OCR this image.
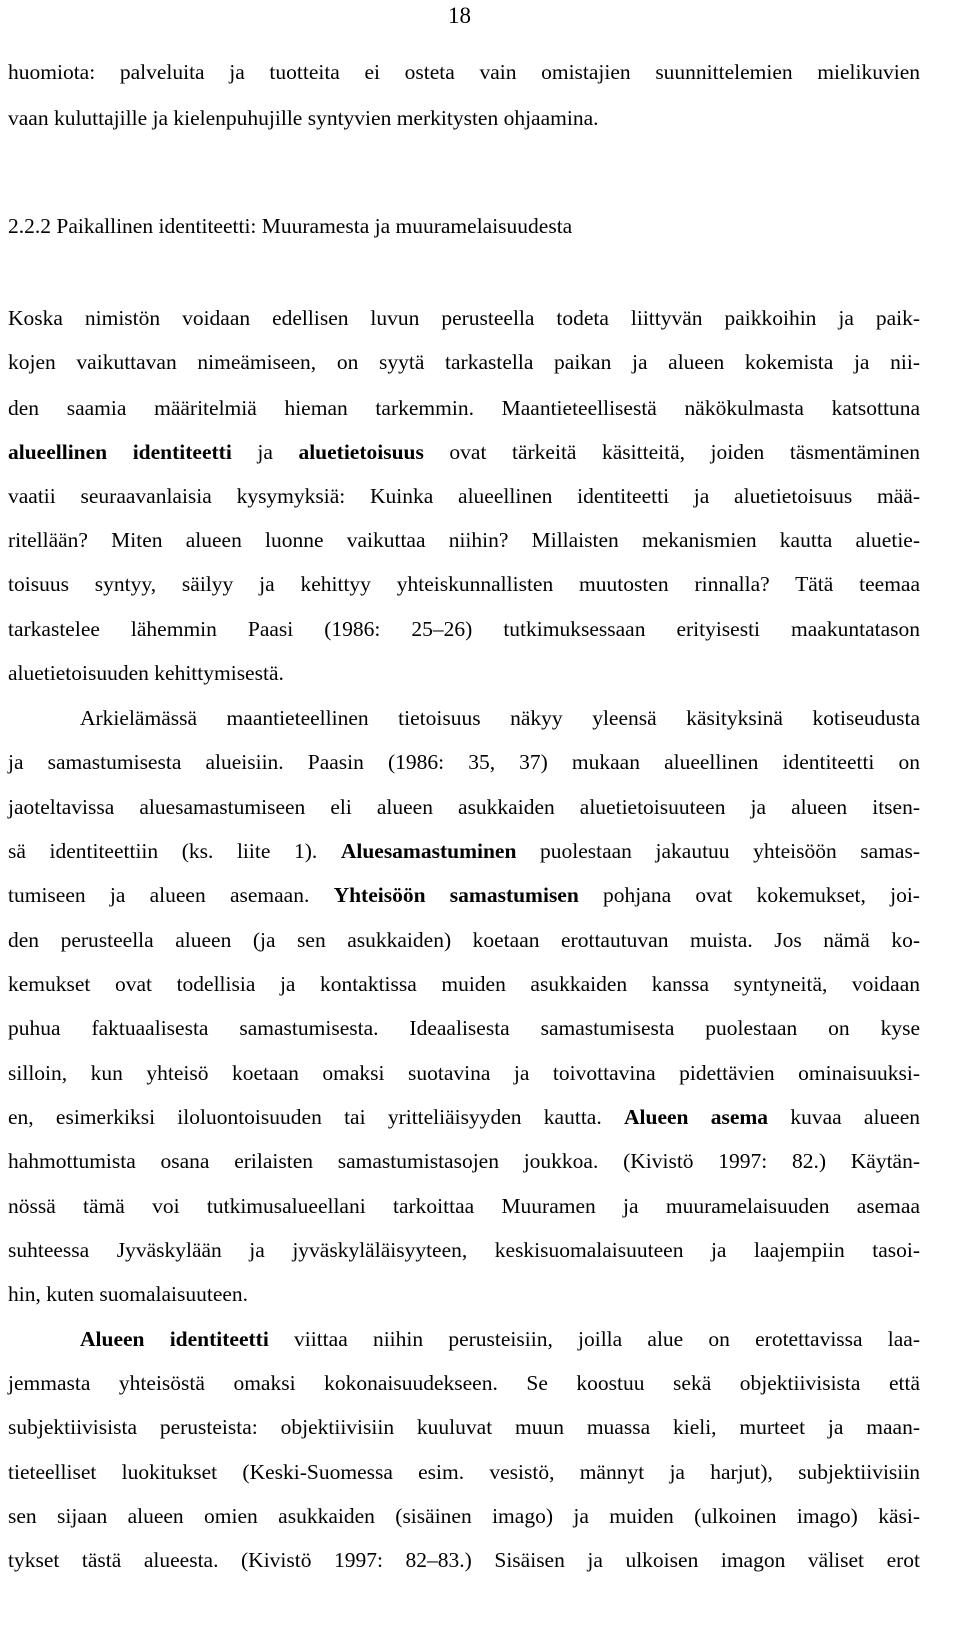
18
huomiota: palveluita ja tuotteita ei osteta vain omistajien suunnittelemien mielikuvien
vaan kuluttajille ja kielenpuhujille syntyvien merkitysten ohjaamina.
2.2.2 Paikallinen identiteetti: Muuramesta ja muuramelaisuudesta
Koska nimistön voidaan edellisen luvun perusteella todeta liittyvän paikkoihin ja paik-
kojen vaikuttavan nimeämiseen, on syytä tarkastella paikan ja alueen kokemista ja nii-
den saamia määritelmiä hieman tarkemmin. Maantieteellisestä näkökulmasta katsottuna
alueellinen identiteetti ja aluetietoisuus ovat tärkeitä käsitteitä, joiden täsmentäminen
vaatii seuraavanlaisia kysymyksiä: Kuinka alueellinen identiteetti ja aluetietoisuus mää-
ritellään? Miten alueen luonne vaikuttaa niihin? Millaisten mekanismien kautta aluetie-
toisuus syntyy, säilyy ja kehittyy yhteiskunnallisten muutosten rinnalla? Tätä teemaa
tarkastelee lähemmin Paasi (1986: 25–26) tutkimuksessaan erityisesti maakuntatason
aluetietoisuuden kehittymisestä.
Arkielämässä maantieteellinen tietoisuus näkyy yleensä käsityksinä kotiseudusta
ja samastumisesta alueisiin. Paasin (1986: 35, 37) mukaan alueellinen identiteetti on
jaoteltavissa aluesamastumiseen eli alueen asukkaiden aluetietoisuuteen ja alueen itsen-
sä identiteettiin (ks. liite 1). Aluesamastuminen puolestaan jakautuu yhteisöön samas-
tumiseen ja alueen asemaan. Yhteisöön samastumisen pohjana ovat kokemukset, joi-
den perusteella alueen (ja sen asukkaiden) koetaan erottautuvan muista. Jos nämä ko-
kemukset ovat todellisia ja kontaktissa muiden asukkaiden kanssa syntyneitä, voidaan
puhua faktuaalisesta samastumisesta. Ideaalisesta samastumisesta puolestaan on kyse
silloin, kun yhteisö koetaan omaksi suotavina ja toivottavina pidettävien ominaisuuksi-
en, esimerkiksi iloluontoisuuden tai yritteliäisyyden kautta. Alueen asema kuvaa alueen
hahmottumista osana erilaisten samastumistasojen joukkoa. (Kivistö 1997: 82.) Käytän-
nössä tämä voi tutkimusalueellani tarkoittaa Muuramen ja muuramelaisuuden asemaa
suhteessa Jyväskylään ja jyväskyläläisyyteen, keskisuomalaisuuteen ja laajempiin tasoi-
hin, kuten suomalaisuuteen.
Alueen identiteetti viittaa niihin perusteisiin, joilla alue on erotettavissa laa-
jemmasta yhteisöstä omaksi kokonaisuudekseen. Se koostuu sekä objektiivisista että
subjektiivisista perusteista: objektiivisiin kuuluvat muun muassa kieli, murteet ja maan-
tieteelliset luokitukset (Keski-Suomessa esim. vesistö, männyt ja harjut), subjektiivisiin
sen sijaan alueen omien asukkaiden (sisäinen imago) ja muiden (ulkoinen imago) käsi-
tykset tästä alueesta. (Kivistö 1997: 82–83.) Sisäisen ja ulkoisen imagon väliset erot
